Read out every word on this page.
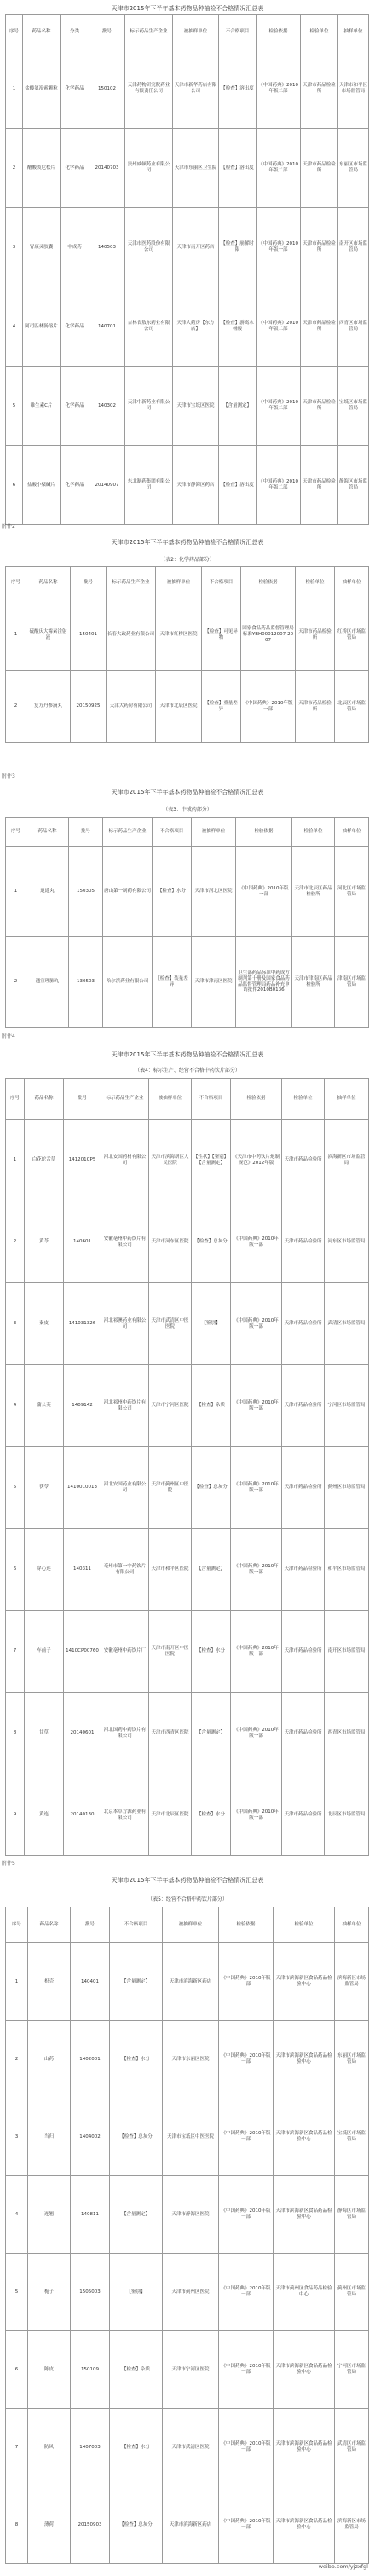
天津市2015年下半年基本药物品种抽检不合格情况汇总表
序号	药品名称	分类	批号	标示药品生产企业	被抽样单位	不合格项目	检验依据	检验单位	抽样单位
1	盐酸氨溴索颗粒	化学药品	150102	天津药物研究院药业有限责任公司	天津市新华药店有限公司	【检查】溶出度	《中国药典》2010年版二部	天津市药品检验所	天津市和平区市场监管局
2	醋酸泼尼松片	化学药品	20140703	贵州威顿药业有限公司	天津市东丽区卫生院	【检查】溶出度	《中国药典》2010年版二部	天津市药品检验所	东丽区市场监管局
3	胃康灵胶囊	中成药	140503	天津市医药股份有限公司	天津市南开区药店	【检查】崩解时限	《中国药典》2010年版一部	天津市药品检验所	南开区市场监管局
4	阿司匹林肠溶片	化学药品	140701	吉林省敖东药业有限公司	天津大药房【东方店】	【检查】游离水杨酸	《中国药典》2010年版二部	天津市药品检验所	西青区市场监管局
5	维生素C片	化学药品	140302	天津中新药业有限公司	天津市宝坻区医院	【含量测定】	《中国药典》2010年版二部	天津市药品检验所	宝坻区市场监管局
6	盐酸小檗碱片	化学药品	20140907	东北制药集团有限公司	天津市静海区药店	【检查】溶出度	《中国药典》2010年版二部	天津市药品检验所	静海区市场监管局
附件2
天津市2015年下半年基本药物品种抽检不合格情况汇总表
（表2：化学药品部分）
序号	药品名称	批号	标示药品生产企业	被抽样单位	不合格项目	检验依据	检验单位	抽样单位
1	硫酸庆大霉素注射液	150401	长春大政药业有限公司	天津市红桥区医院	【检查】可见异物	国家食品药品监督管理局标准YBH00012007-2007	天津市药品检验所	红桥区市场监管局
2	复方丹参滴丸	20150925	天津大药房有限公司	天津市北辰区医院	【检查】重量差异	《中国药典》2010年版一部	天津市药品检验所	北辰区市场监管局
附件3
天津市2015年下半年基本药物品种抽检不合格情况汇总表
（表3：中成药部分）
序号	药品名称	批号	标示药品生产企业	不合格项目	被抽样单位	检验依据	检验单位	抽样单位
1	逍遥丸	150305	唐山第一制药有限公司	【检查】水分	天津市河北区医院	《中国药典》2010年版一部	天津市北辰区药品检验所	河北区市场监管局
2	通宣理肺丸	130503	哈尔滨药业有限公司	【检查】装量差异	天津市津南区医院	卫生部药品标准中药成方制剂第十册及国家食品药品监督管理局药品补充申请批件2010B0136	天津市津南区药品检验所	津南区市场监管局
附件4
天津市2015年下半年基本药物品种抽检不合格情况汇总表
（表4：标示生产、经营不合格中药饮片部分）
序号	药品名称	批号	标示药品生产企业	被抽样单位	不合格项目	检验依据	检验单位	抽样单位
1	白花蛇舌草	141201CP5	河北安国药材有限公司	天津市滨海新区人民医院	【性状】【鉴别】【含量测定】	《天津市中药饮片炮制规范》2012年版	天津市药品检验所	滨海新区市场监管局
2	黄芩	140601	安徽亳州中药饮片有限公司	天津市河东区医院	【检查】总灰分	《中国药典》2010年版一部	天津市药品检验所	河东区市场监管局
3	秦皮	141031326	河北祁澳药业有限公司	天津市武清区中医医院	【鉴别】	《中国药典》2010年版一部	天津市药品检验所	武清区市场监管局
4	蒲公英	1409142	河北祁州中药饮片有限公司	天津市宁河区医院	【检查】杂质	《中国药典》2010年版一部	天津市药品检验所	宁河区市场监管局
5	茯苓	1410010013	河北安国药业有限公司	天津市蓟州区中医院	【检查】总灰分	《中国药典》2010年版一部	天津市药品检验所	蓟州区市场监管局
6	穿心莲	140311	亳州市第一中药饮片有限公司	天津市和平区医院	【含量测定】	《中国药典》2010年版一部	天津市药品检验所	和平区市场监管局
7	车前子	1410CP00760	安徽亳州中药饮片厂	天津市南开区中医医院	【检查】水分	《中国药典》2010年版一部	天津市药品检验所	南开区市场监管局
8	甘草	20140601	河北国药中药饮片有限公司	天津市西青区医院	【含量测定】	《中国药典》2010年版一部	天津市药品检验所	西青区市场监管局
9	黄连	20140130	北京本草方源药业有限公司	天津市北辰区医院	【检查】水分	《中国药典》2010年版一部	天津市药品检验所	北辰区市场监管局
附件5
天津市2015年下半年基本药物品种抽检不合格情况汇总表
（表5：经营不合格中药饮片部分）
序号	药品名称	批号	不合格项目	被抽样单位	检验依据	检验单位	抽样单位
1	枳壳	140401	【含量测定】	天津市滨海新区药店	《中国药典》2010年版一部	天津市滨海新区食品药品检验中心	滨海新区市场监管局
2	山药	1402001	【检查】水分	天津市东丽区医院	《中国药典》2010年版一部	天津市滨海新区食品药品检验中心	东丽区市场监管局
3	当归	1404002	【检查】总灰分	天津市宝坻区中医医院	《中国药典》2010年版一部	天津市滨海新区食品药品检验中心	宝坻区市场监管局
4	连翘	140811	【含量测定】	天津市静海区医院	《中国药典》2010年版一部	天津市滨海新区食品药品检验中心	静海区市场监管局
5	栀子	1505003	【鉴别】	天津市蓟州区医院	《中国药典》2010年版一部	天津市蓟州区食品药品检验中心	蓟州区市场监管局
6	陈皮	150109	【检查】杂质	天津市宁河区医院	《中国药典》2010年版一部	天津市滨海新区食品药品检验中心	宁河区市场监管局
7	防风	1407003	【检查】水分	天津市武清区医院	《中国药典》2010年版一部	天津市滨海新区食品药品检验中心	武清区市场监管局
8	薄荷	20150903	【检查】总灰分	天津市滨海新区药店	《中国药典》2010年版一部	天津市滨海新区食品药品检验中心	滨海新区市场监管局
weibo.com/yjzxfgl
